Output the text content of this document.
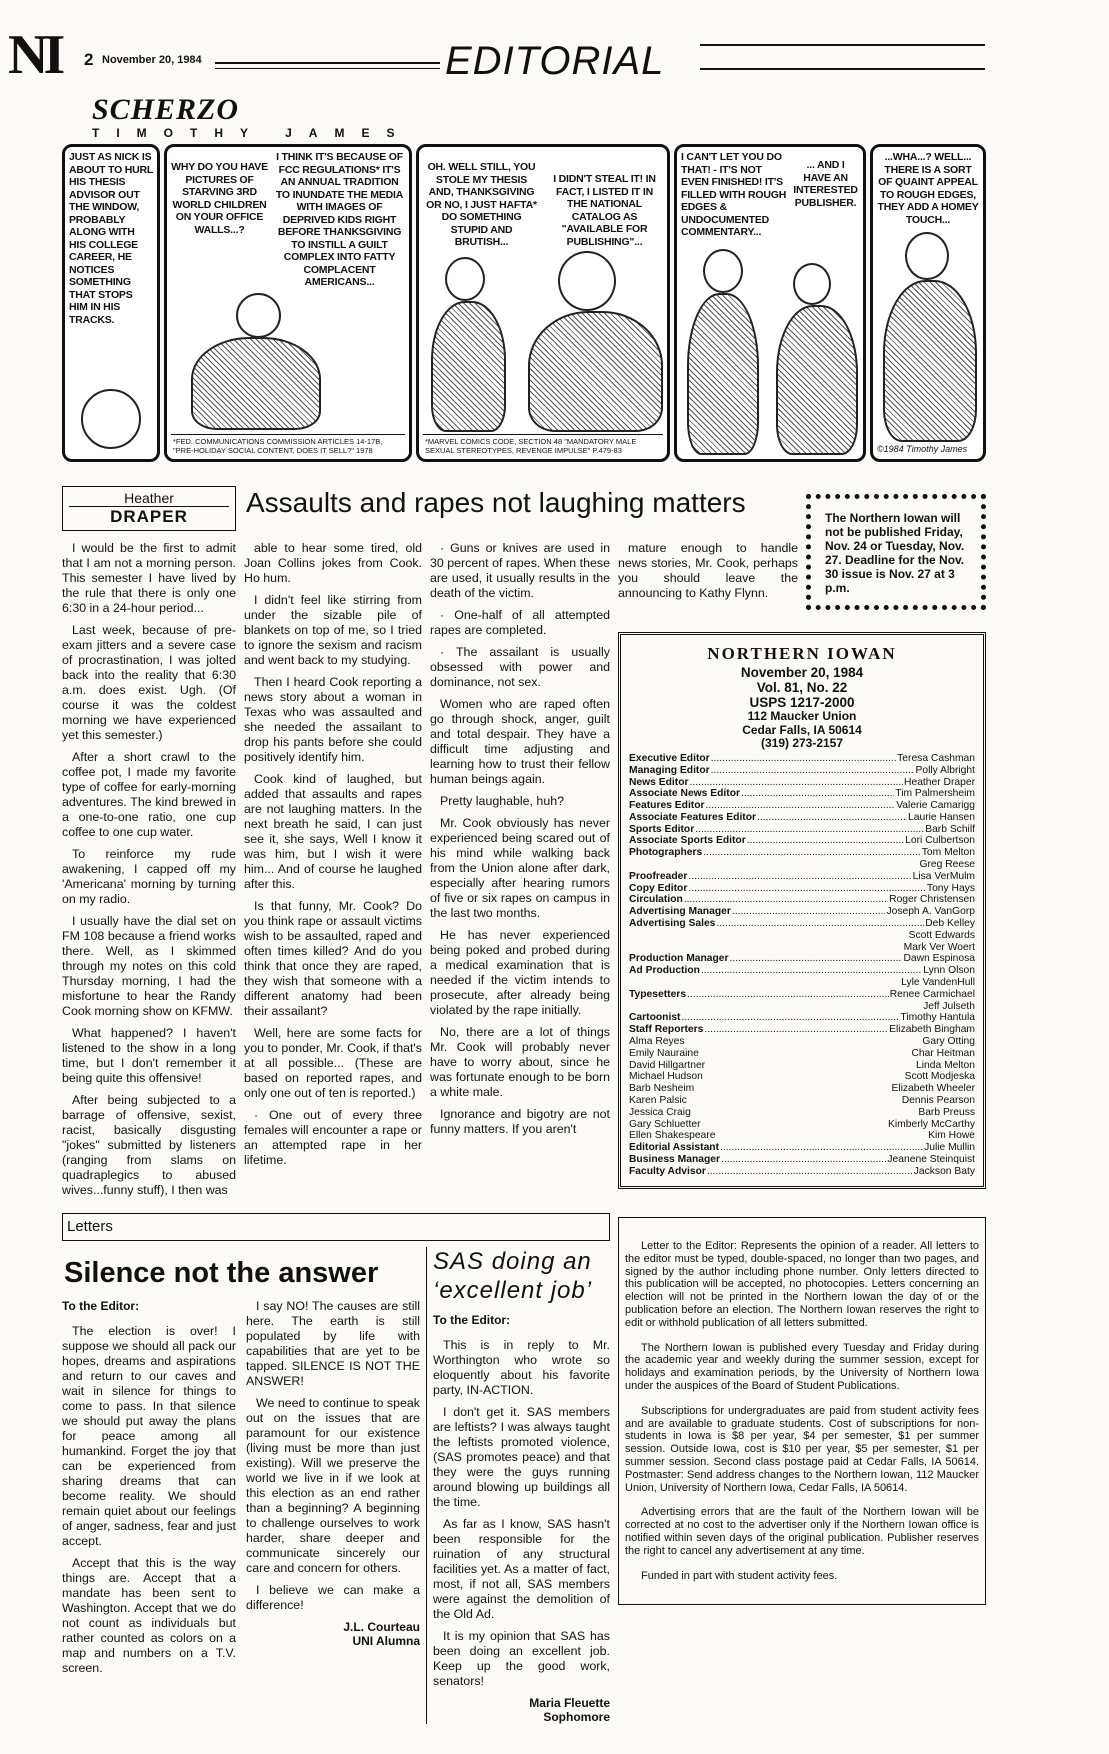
NI 2 November 20, 1984	EDITORIAL
SCHERZO
TIMOTHY JAMES
JUST AS NICK IS ABOUT TO HURL HIS THESIS ADVISOR OUT THE WINDOW, PROBABLY ALONG WITH HIS COLLEGE CAREER, HE NOTICES SOMETHING THAT STOPS HIM IN HIS TRACKS.
WHY DO YOU HAVE PICTURES OF STARVING 3RD WORLD CHILDREN ON YOUR OFFICE WALLS...?
I THINK IT'S BECAUSE OF FCC REGULATIONS* IT'S AN ANNUAL TRADITION TO INUNDATE THE MEDIA WITH IMAGES OF DEPRIVED KIDS RIGHT BEFORE THANKSGIVING TO INSTILL A GUILT COMPLEX INTO FATTY COMPLACENT AMERICANS...
*FED. COMMUNICATIONS COMMISSION ARTICLES 14-17B, "PRE-HOLIDAY SOCIAL CONTENT, DOES IT SELL?" 1978
OH. WELL STILL, YOU STOLE MY THESIS AND, THANKSGIVING OR NO, I JUST HAFTA* DO SOMETHING STUPID AND BRUTISH...
I DIDN'T STEAL IT! IN FACT, I LISTED IT IN THE NATIONAL CATALOG AS "AVAILABLE FOR PUBLISHING"...
*MARVEL COMICS CODE, SECTION 48 "MANDATORY MALE SEXUAL STEREOTYPES, REVENGE IMPULSE" P.479-83
I CAN'T LET YOU DO THAT! - IT'S NOT EVEN FINISHED! IT'S FILLED WITH ROUGH EDGES & UNDOCUMENTED COMMENTARY...
... AND I HAVE AN INTERESTED PUBLISHER.
...WHA...? WELL... THERE IS A SORT OF QUAINT APPEAL TO ROUGH EDGES, THEY ADD A HOMEY TOUCH...
©1984 Timothy James
Heather
DRAPER	Assaults and rapes not laughing matters	The Northern Iowan will not be published Friday, Nov. 24 or Tuesday, Nov. 27. Deadline for the Nov. 30 issue is Nov. 27 at 3 p.m.

I would be the first to admit that I am not a morning person. This semester I have lived by the rule that there is only one 6:30 in a 24-hour period...

Last week, because of pre-exam jitters and a severe case of procrastination, I was jolted back into the reality that 6:30 a.m. does exist. Ugh. (Of course it was the coldest morning we have experienced yet this semester.)

After a short crawl to the coffee pot, I made my favorite type of coffee for early-morning adventures. The kind brewed in a one-to-one ratio, one cup coffee to one cup water.

To reinforce my rude awakening, I capped off my 'Americana' morning by turning on my radio.

I usually have the dial set on FM 108 because a friend works there. Well, as I skimmed through my notes on this cold Thursday morning, I had the misfortune to hear the Randy Cook morning show on KFMW.

What happened? I haven't listened to the show in a long time, but I don't remember it being quite this offensive!

After being subjected to a barrage of offensive, sexist, racist, basically disgusting "jokes" submitted by listeners (ranging from slams on quadraplegics to abused wives...funny stuff), I then was

able to hear some tired, old Joan Collins jokes from Cook. Ho hum.

I didn't feel like stirring from under the sizable pile of blankets on top of me, so I tried to ignore the sexism and racism and went back to my studying.

Then I heard Cook reporting a news story about a woman in Texas who was assaulted and she needed the assailant to drop his pants before she could positively identify him.

Cook kind of laughed, but added that assaults and rapes are not laughing matters. In the next breath he said, I can just see it, she says, Well I know it was him, but I wish it were him... And of course he laughed after this.

Is that funny, Mr. Cook? Do you think rape or assault victims wish to be assaulted, raped and often times killed? And do you think that once they are raped, they wish that someone with a different anatomy had been their assailant?

Well, here are some facts for you to ponder, Mr. Cook, if that's at all possible... (These are based on reported rapes, and only one out of ten is reported.)

· One out of every three females will encounter a rape or an attempted rape in her lifetime.

· Guns or knives are used in 30 percent of rapes. When these are used, it usually results in the death of the victim.

· One-half of all attempted rapes are completed.

· The assailant is usually obsessed with power and dominance, not sex.

Women who are raped often go through shock, anger, guilt and total despair. They have a difficult time adjusting and learning how to trust their fellow human beings again.

Pretty laughable, huh?

Mr. Cook obviously has never experienced being scared out of his mind while walking back from the Union alone after dark, especially after hearing rumors of five or six rapes on campus in the last two months.

He has never experienced being poked and probed during a medical examination that is needed if the victim intends to prosecute, after already being violated by the rape initially.

No, there are a lot of things Mr. Cook will probably never have to worry about, since he was fortunate enough to be born a white male.

Ignorance and bigotry are not funny matters. If you aren't

mature enough to handle news stories, Mr. Cook, perhaps you should leave the announcing to Kathy Flynn.

NORTHERN IOWAN
November 20, 1984
Vol. 81, No. 22
USPS 1217-2000
112 Maucker Union
Cedar Falls, IA 50614
(319) 273-2157
Executive Editor .....	Teresa Cashman
Managing Editor .....	Polly Albright
News Editor .....	Heather Draper
Associate News Editor .....	Tim Palmersheim
Features Editor .....	Valerie Camarigg
Associate Features Editor .....	Laurie Hansen
Sports Editor .....	Barb Schilf
Associate Sports Editor .....	Lori Culbertson
Photographers .....	Tom Melton
Greg Reese
Proofreader .....	Lisa VerMulm
Copy Editor .....	Tony Hays
Circulation .....	Roger Christensen
Advertising Manager .....	Joseph A. VanGorp
Advertising Sales .....	Deb Kelley
Scott Edwards
Mark Ver Woert
Production Manager .....	Dawn Espinosa
Ad Production .....	Lynn Olson
Lyle VandenHull
Typesetters .....	Renee Carmichael
Jeff Julseth
Cartoonist .....	Timothy Hantula
Staff Reporters .....	Elizabeth Bingham
Alma Reyes	Gary Otting
Emily Nauraine	Char Heitman
David Hillgartner	Linda Melton
Michael Hudson	Scott Modjeska
Barb Nesheim	Elizabeth Wheeler
Karen Palsic	Dennis Pearson
Jessica Craig	Barb Preuss
Gary Schluetter	Kimberly McCarthy
Ellen Shakespeare	Kim Howe
Editorial Assistant .....	Julie Mullin
Business Manager .....	Jeanene Steinquist
Faculty Advisor .....	Jackson Baty
Letters
Silence not the answer
To the Editor:

The election is over! I suppose we should all pack our hopes, dreams and aspirations and return to our caves and wait in silence for things to come to pass. In that silence we should put away the plans for peace among all humankind. Forget the joy that can be experienced from sharing dreams that can become reality. We should remain quiet about our feelings of anger, sadness, fear and just accept.

Accept that this is the way things are. Accept that a mandate has been sent to Washington. Accept that we do not count as individuals but rather counted as colors on a map and numbers on a T.V. screen.

I say NO! The causes are still here. The earth is still populated by life with capabilities that are yet to be tapped. SILENCE IS NOT THE ANSWER!

We need to continue to speak out on the issues that are paramount for our existence (living must be more than just existing). Will we preserve the world we live in if we look at this election as an end rather than a beginning? A beginning to challenge ourselves to work harder, share deeper and communicate sincerely our care and concern for others.

I believe we can make a difference!

J.L. Courteau
UNI Alumna
SAS doing an ‘excellent job’
To the Editor:

This is in reply to Mr. Worthington who wrote so eloquently about his favorite party, IN-ACTION.

I don't get it. SAS members are leftists? I was always taught the leftists promoted violence, (SAS promotes peace) and that they were the guys running around blowing up buildings all the time.

As far as I know, SAS hasn't been responsible for the ruination of any structural facilities yet. As a matter of fact, most, if not all, SAS members were against the demolition of the Old Ad.

It is my opinion that SAS has been doing an excellent job. Keep up the good work, senators!

Maria Fleuette
Sophomore

Letter to the Editor: Represents the opinion of a reader. All letters to the editor must be typed, double-spaced, no longer than two pages, and signed by the author including phone number. Only letters directed to this publication will be accepted, no photocopies. Letters concerning an election will not be printed in the Northern Iowan the day of or the publication before an election. The Northern Iowan reserves the right to edit or withhold publication of all letters submitted.

The Northern Iowan is published every Tuesday and Friday during the academic year and weekly during the summer session, except for holidays and examination periods, by the University of Northern Iowa under the auspices of the Board of Student Publications.

Subscriptions for undergraduates are paid from student activity fees and are available to graduate students. Cost of subscriptions for non-students in Iowa is $8 per year, $4 per semester, $1 per summer session. Outside Iowa, cost is $10 per year, $5 per semester, $1 per summer session. Second class postage paid at Cedar Falls, IA 50614. Postmaster: Send address changes to the Northern Iowan, 112 Maucker Union, University of Northern Iowa, Cedar Falls, IA 50614.

Advertising errors that are the fault of the Northern Iowan will be corrected at no cost to the advertiser only if the Northern Iowan office is notified within seven days of the original publication. Publisher reserves the right to cancel any advertisement at any time.

Funded in part with student activity fees.
